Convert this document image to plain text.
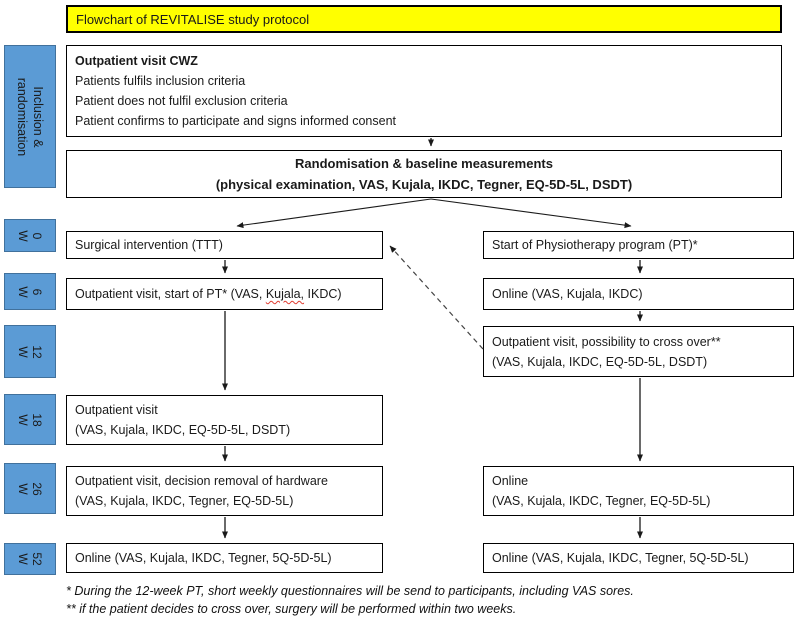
Flowchart of REVITALISE study protocol
Inclusion &
randomisation
0
W
6
W
12
W
18
W
26
W
52
W
Outpatient visit CWZ
Patients fulfils inclusion criteria
Patient does not fulfil exclusion criteria
Patient confirms to participate and signs informed consent
Randomisation & baseline measurements
(physical examination, VAS, Kujala, IKDC, Tegner, EQ-5D-5L, DSDT)
Surgical intervention (TTT)	Start of Physiotherapy program (PT)*
Outpatient visit, start of PT* (VAS, Kujala, IKDC)	Online (VAS, Kujala, IKDC)
Outpatient visit, possibility to cross over**
(VAS, Kujala, IKDC, EQ-5D-5L, DSDT)
Outpatient visit
(VAS, Kujala, IKDC, EQ-5D-5L, DSDT)
Outpatient visit, decision removal of hardware
(VAS, Kujala, IKDC, Tegner, EQ-5D-5L)
Online
(VAS, Kujala, IKDC, Tegner, EQ-5D-5L)
Online (VAS, Kujala, IKDC, Tegner, 5Q-5D-5L)	Online (VAS, Kujala, IKDC, Tegner, 5Q-5D-5L)
* During the 12-week PT, short weekly questionnaires will be send to participants, including VAS sores.
** if the patient decides to cross over, surgery will be performed within two weeks.
